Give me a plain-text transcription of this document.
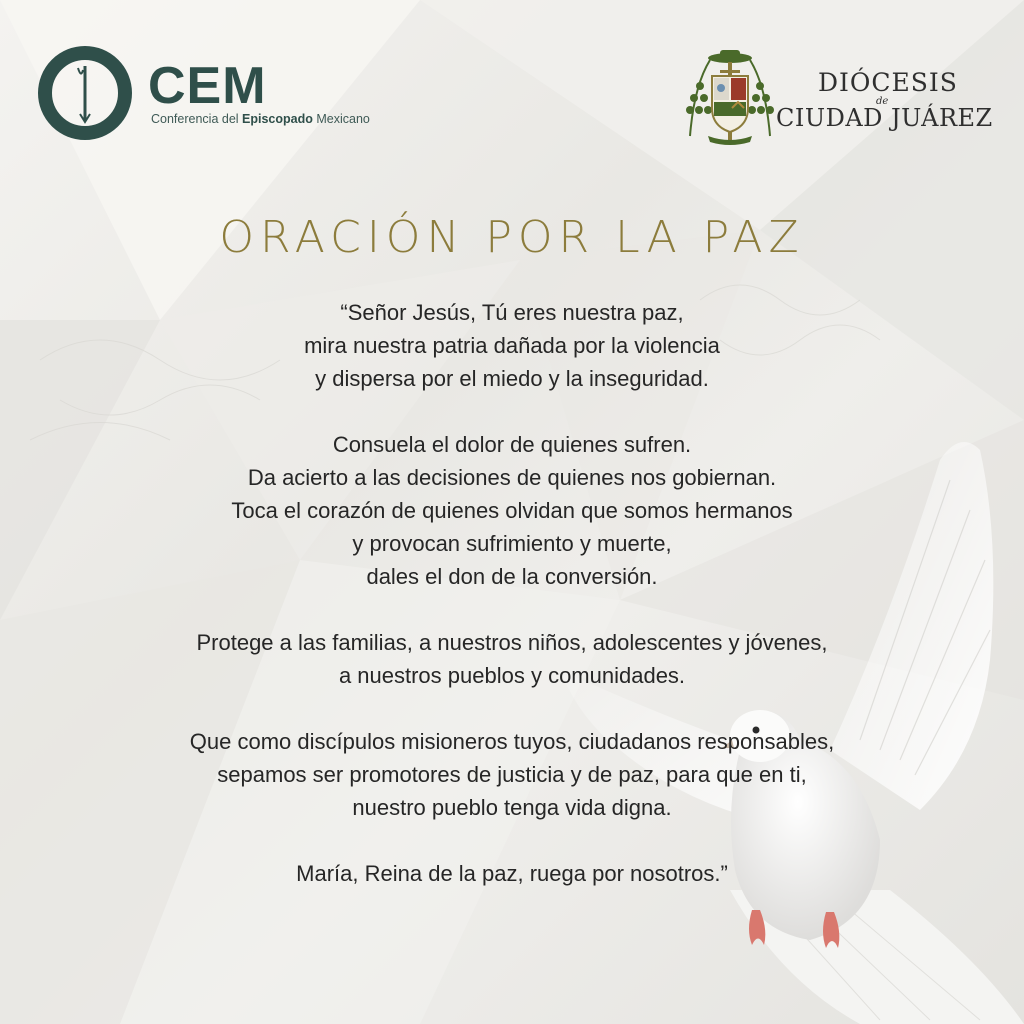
CEM
Conferencia del Episcopado Mexicano
DIÓCESIS
de
CIUDAD JUÁREZ
ORACIÓN POR LA PAZ
“Señor Jesús, Tú eres nuestra paz,
mira nuestra patria dañada por la violencia
y dispersa por el miedo y la inseguridad.
Consuela el dolor de quienes sufren.
Da acierto a las decisiones de quienes nos gobiernan.
Toca el corazón de quienes olvidan que somos hermanos
y provocan sufrimiento y muerte,
dales el don de la conversión.
Protege a las familias, a nuestros niños, adolescentes y jóvenes,
a nuestros pueblos y comunidades.
Que como discípulos misioneros tuyos, ciudadanos responsables,
sepamos ser promotores de justicia y de paz, para que en ti,
nuestro pueblo tenga vida digna.
María, Reina de la paz, ruega por nosotros.”
